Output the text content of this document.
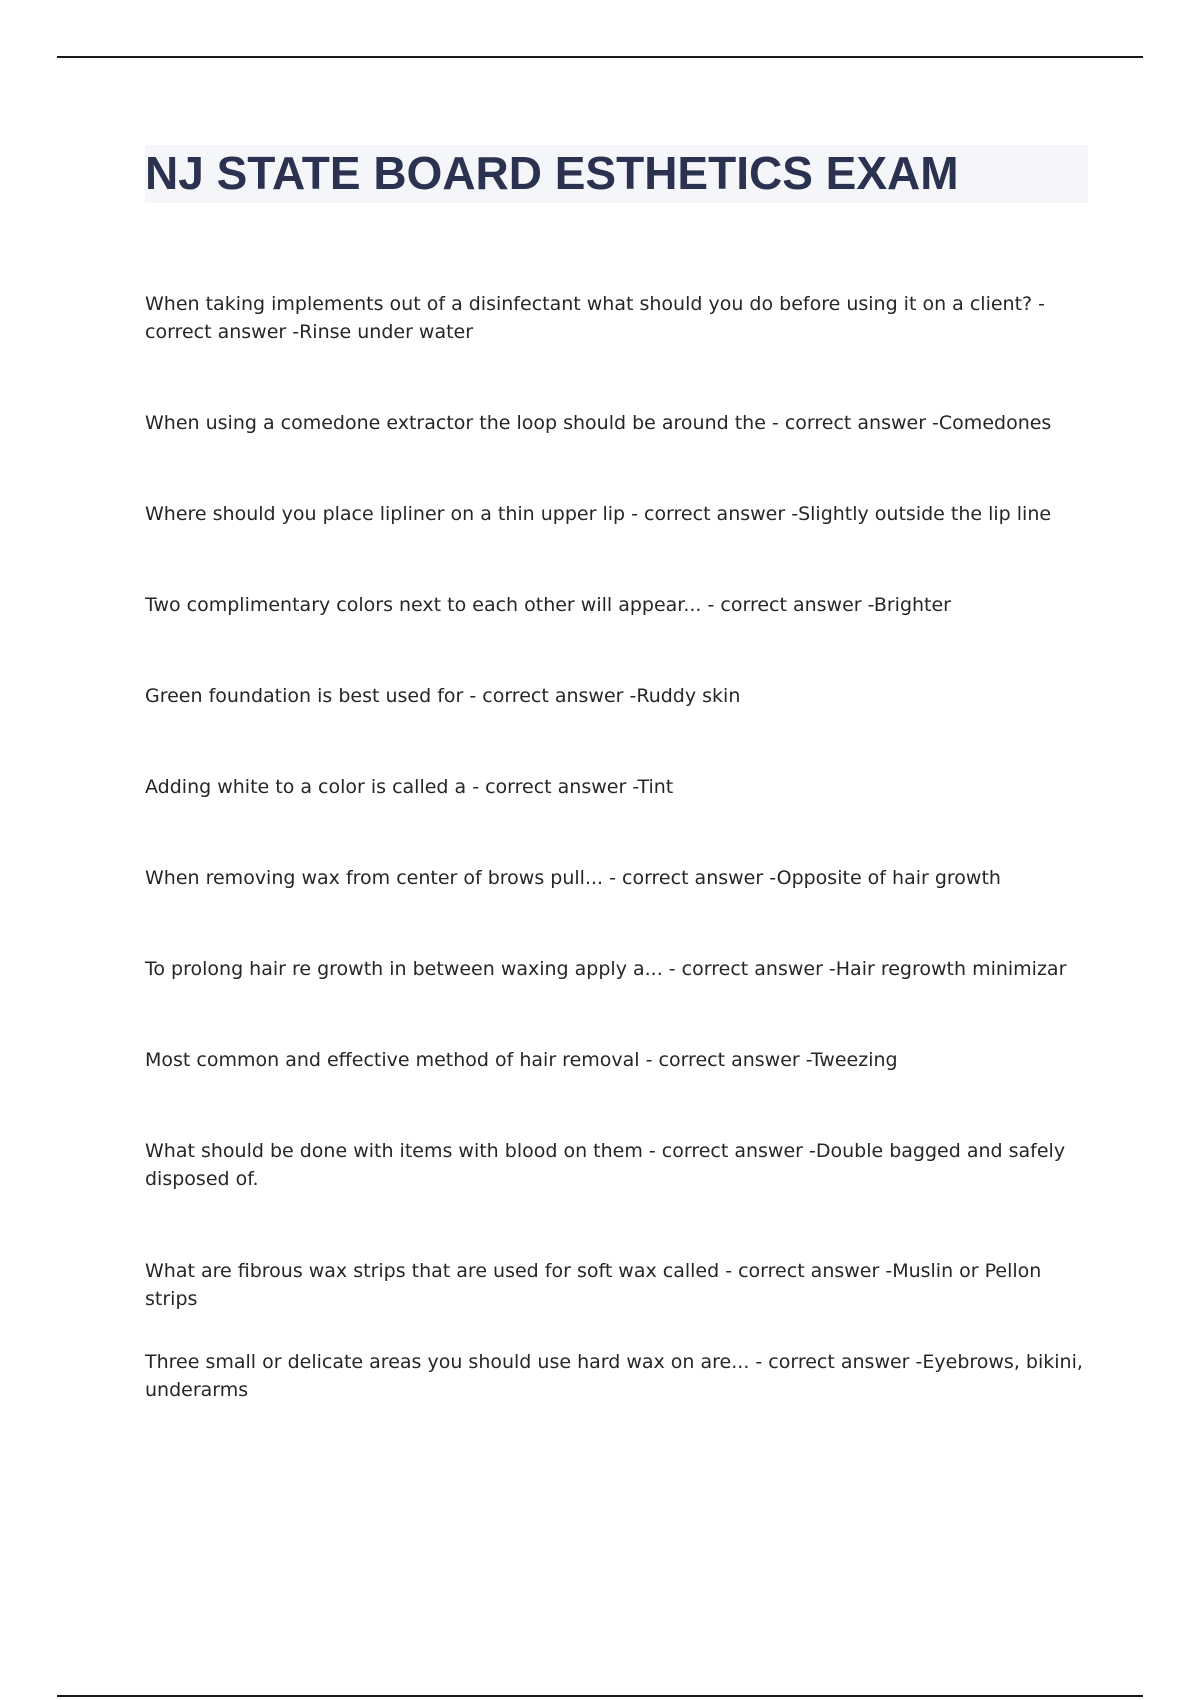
NJ STATE BOARD ESTHETICS EXAM
When taking implements out of a disinfectant what should you do before using it on a client? - correct answer -Rinse under water
When using a comedone extractor the loop should be around the - correct answer -Comedones
Where should you place lipliner on a thin upper lip - correct answer -Slightly outside the lip line
Two complimentary colors next to each other will appear... - correct answer -Brighter
Green foundation is best used for - correct answer -Ruddy skin
Adding white to a color is called a - correct answer -Tint
When removing wax from center of brows pull... - correct answer -Opposite of hair growth
To prolong hair re growth in between waxing apply a... - correct answer -Hair regrowth minimizar
Most common and effective method of hair removal - correct answer -Tweezing
What should be done with items with blood on them - correct answer -Double bagged and safely disposed of.
What are fibrous wax strips that are used for soft wax called - correct answer -Muslin or Pellon strips
Three small or delicate areas you should use hard wax on are... - correct answer -Eyebrows, bikini, underarms
